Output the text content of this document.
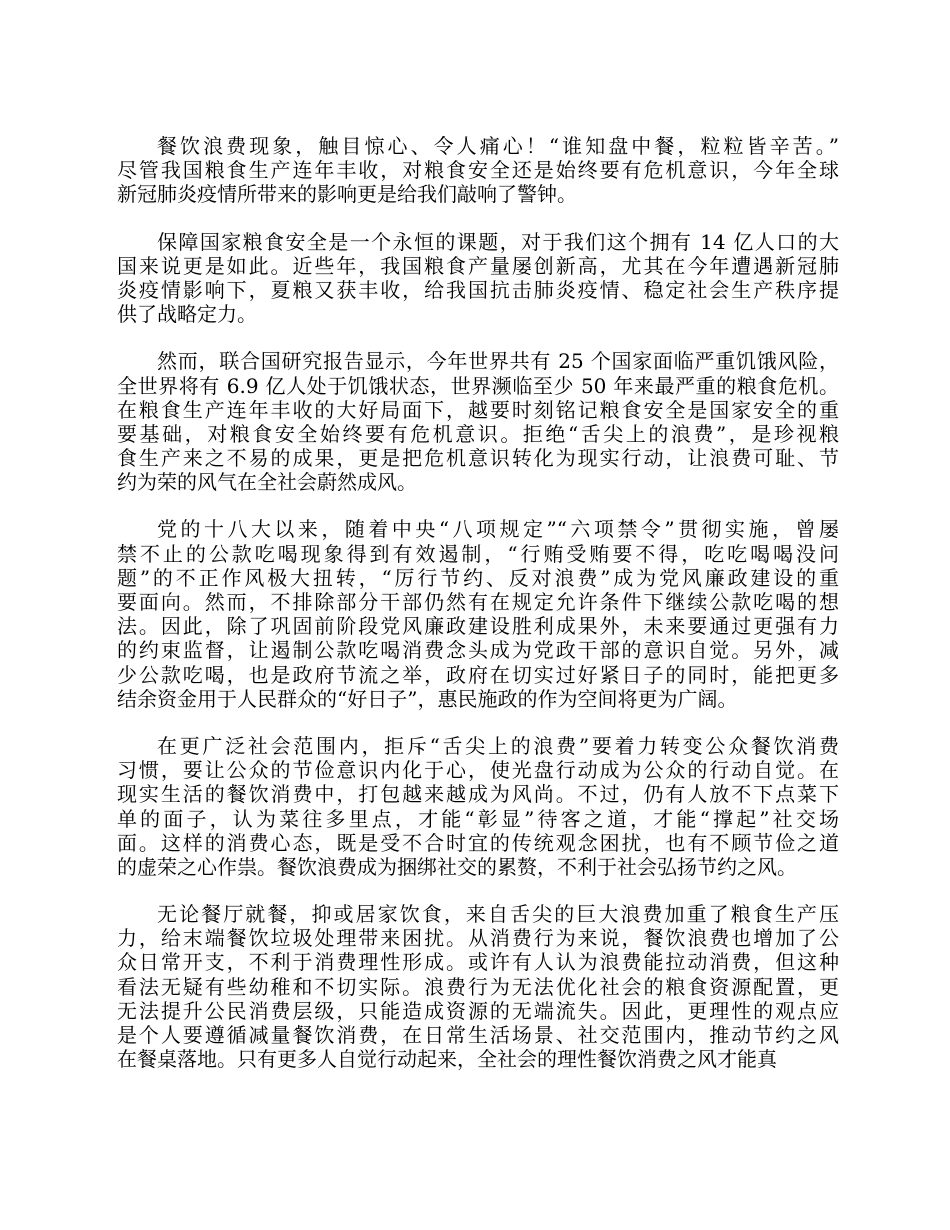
餐饮浪费现象，触目惊心、令人痛心！“谁知盘中餐，粒粒皆辛苦。”
尽管我国粮食生产连年丰收，对粮食安全还是始终要有危机意识，今年全球
新冠肺炎疫情所带来的影响更是给我们敲响了警钟。
保障国家粮食安全是一个永恒的课题，对于我们这个拥有 14 亿人口的大
国来说更是如此。近些年，我国粮食产量屡创新高，尤其在今年遭遇新冠肺
炎疫情影响下，夏粮又获丰收，给我国抗击肺炎疫情、稳定社会生产秩序提
供了战略定力。
然而，联合国研究报告显示，今年世界共有 25 个国家面临严重饥饿风险，
全世界将有 6.9 亿人处于饥饿状态，世界濒临至少 50 年来最严重的粮食危机。
在粮食生产连年丰收的大好局面下，越要时刻铭记粮食安全是国家安全的重
要基础，对粮食安全始终要有危机意识。拒绝“舌尖上的浪费”，是珍视粮
食生产来之不易的成果，更是把危机意识转化为现实行动，让浪费可耻、节
约为荣的风气在全社会蔚然成风。
党的十八大以来，随着中央“八项规定”“六项禁令”贯彻实施，曾屡
禁不止的公款吃喝现象得到有效遏制，“行贿受贿要不得，吃吃喝喝没问
题”的不正作风极大扭转，“厉行节约、反对浪费”成为党风廉政建设的重
要面向。然而，不排除部分干部仍然有在规定允许条件下继续公款吃喝的想
法。因此，除了巩固前阶段党风廉政建设胜利成果外，未来要通过更强有力
的约束监督，让遏制公款吃喝消费念头成为党政干部的意识自觉。另外，减
少公款吃喝，也是政府节流之举，政府在切实过好紧日子的同时，能把更多
结余资金用于人民群众的“好日子”，惠民施政的作为空间将更为广阔。
在更广泛社会范围内，拒斥“舌尖上的浪费”要着力转变公众餐饮消费
习惯，要让公众的节俭意识内化于心，使光盘行动成为公众的行动自觉。在
现实生活的餐饮消费中，打包越来越成为风尚。不过，仍有人放不下点菜下
单的面子，认为菜往多里点，才能“彰显”待客之道，才能“撑起”社交场
面。这样的消费心态，既是受不合时宜的传统观念困扰，也有不顾节俭之道
的虚荣之心作祟。餐饮浪费成为捆绑社交的累赘，不利于社会弘扬节约之风。
无论餐厅就餐，抑或居家饮食，来自舌尖的巨大浪费加重了粮食生产压
力，给末端餐饮垃圾处理带来困扰。从消费行为来说，餐饮浪费也增加了公
众日常开支，不利于消费理性形成。或许有人认为浪费能拉动消费，但这种
看法无疑有些幼稚和不切实际。浪费行为无法优化社会的粮食资源配置，更
无法提升公民消费层级，只能造成资源的无端流失。因此，更理性的观点应
是个人要遵循减量餐饮消费，在日常生活场景、社交范围内，推动节约之风
在餐桌落地。只有更多人自觉行动起来，全社会的理性餐饮消费之风才能真
